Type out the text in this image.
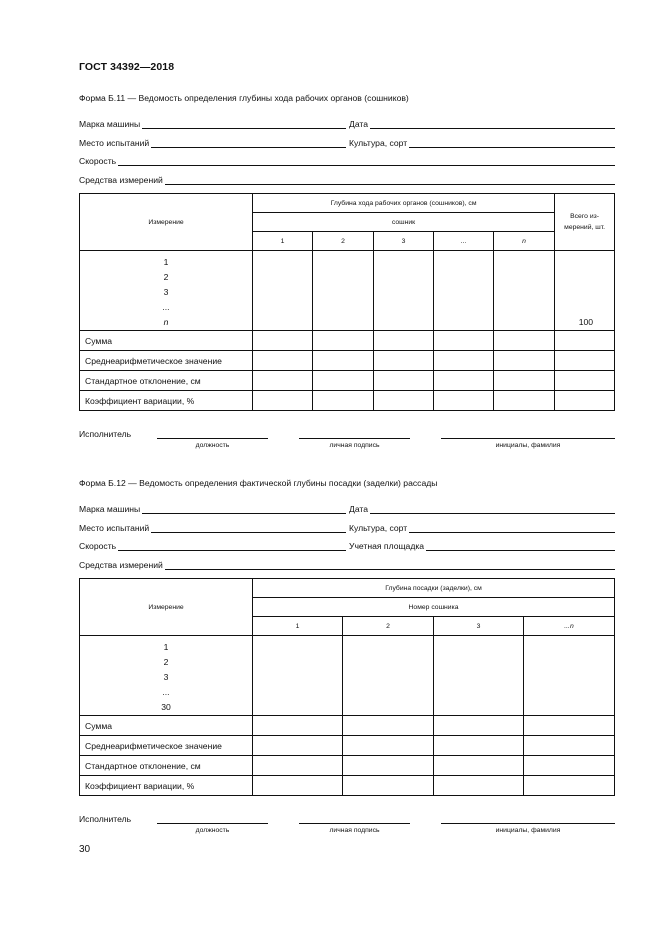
ГОСТ 34392—2018
Форма Б.11 — Ведомость определения глубины хода рабочих органов (сошников)
Марка машины	Дата
Место испытаний	Культура, сорт
Скорость
Средства измерений
Измерение	Глубина хода рабочих органов (сошников), см					Всего из-мерений, шт.
	сошник					
	1	2	3	...	n	

1
2
3
...
n						100
Сумма						
Среднеарифметическое значение						
Стандартное отклонение, см						
Коэффициент вариации, %						
Исполнитель
должность	личная подпись	инициалы, фамилия
Форма Б.12 — Ведомость определения фактической глубины посадки (заделки) рассады
Марка машины	Дата
Место испытаний	Культура, сорт
Скорость	Учетная площадка
Средства измерений
Измерение	Глубина посадки (заделки), см			
	Номер сошника			
	1	2	3	...n

1
2
3
...
30				

Сумма				
Среднеарифметическое значение				
Стандартное отклонение, см				
Коэффициент вариации, %				
Исполнитель
должность	личная подпись	инициалы, фамилия
30
